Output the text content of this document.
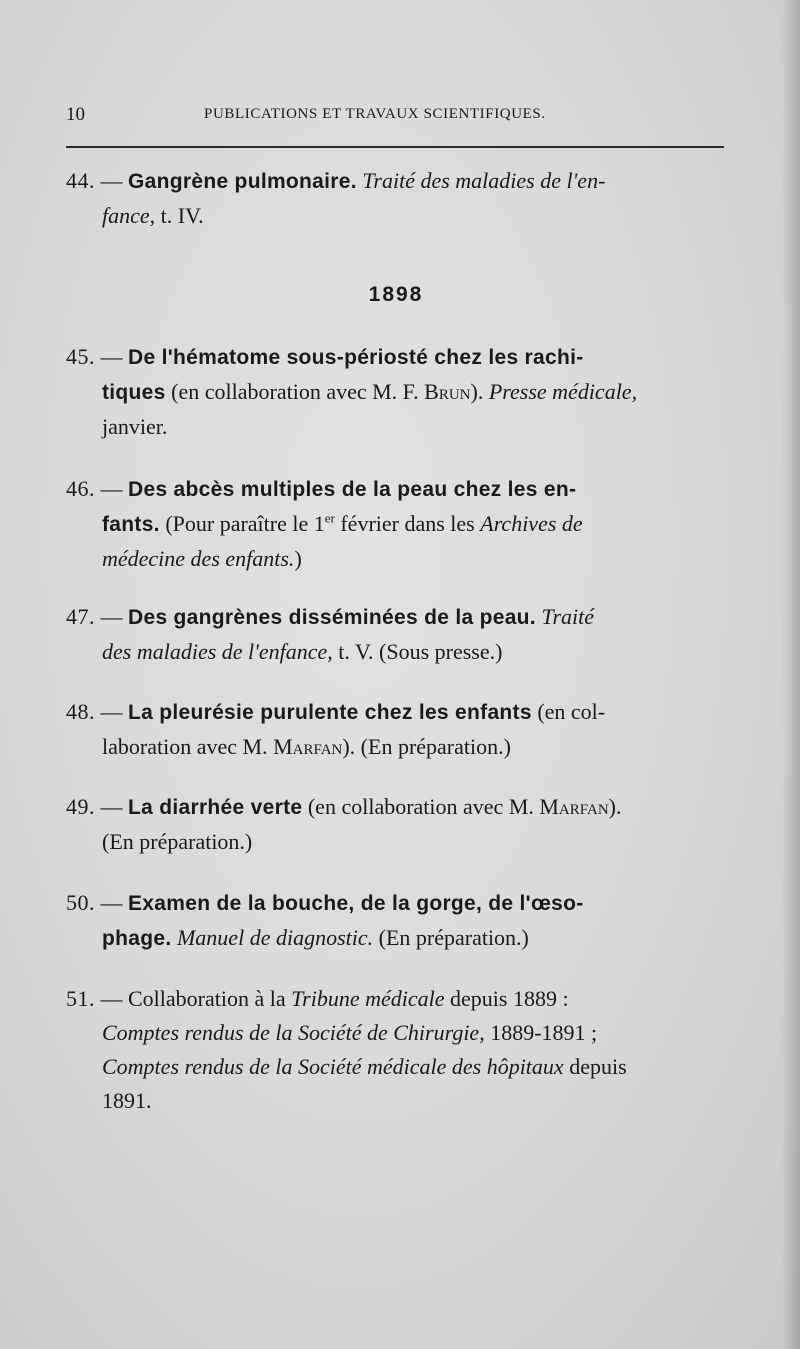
10	PUBLICATIONS ET TRAVAUX SCIENTIFIQUES.
44. — Gangrène pulmonaire. Traité des maladies de l'en-
fance, t. IV.
1898
45. — De l'hématome sous-périosté chez les rachi-
tiques (en collaboration avec M. F. Brun). Presse médicale,
janvier.
46. — Des abcès multiples de la peau chez les en-
fants. (Pour paraître le 1er février dans les Archives de
médecine des enfants.)
47. — Des gangrènes disséminées de la peau. Traité
des maladies de l'enfance, t. V. (Sous presse.)
48. — La pleurésie purulente chez les enfants (en col-
laboration avec M. Marfan). (En préparation.)
49. — La diarrhée verte (en collaboration avec M. Marfan).
(En préparation.)
50. — Examen de la bouche, de la gorge, de l'œso-
phage. Manuel de diagnostic. (En préparation.)
51. — Collaboration à la Tribune médicale depuis 1889 :
Comptes rendus de la Société de Chirurgie, 1889-1891 ;
Comptes rendus de la Société médicale des hôpitaux depuis
1891.
